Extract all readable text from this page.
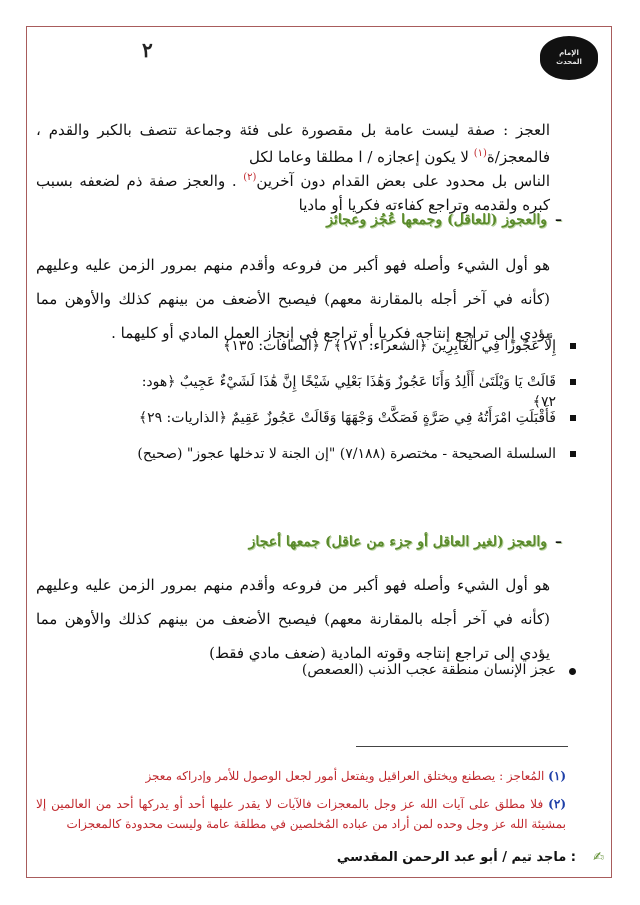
الإمام المحدث
٢
العجز : صفة ليست عامة بل مقصورة على فئة وجماعة تتصف بالكبر والقدم ، فالمعجز/ة$^{(١)}$ لا يكون إعجازه / ا مطلقا وعاما لكل
الناس بل محدود على بعض القدام دون آخرين$^{(٢)}$ . والعجز صفة ذم لضعفه بسبب كبره ولقدمه وتراجع كفاءته فكريا أو ماديا
–والعجوز (للعاقل) وجمعها عُجُز وعجائز
هو أول الشيء وأصله فهو أكبر من فروعه وأقدم منهم بمرور الزمن عليه وعليهم (كأنه في آخر أجله بالمقارنة معهم) فيصبح الأضعف من بينهم كذلك والأوهن مما يؤدي إلى تراجع إنتاجه فكريا أو تراجع في إنجاز العمل المادي أو كليهما .
إِلَّا عَجُوزًا فِي الْغَابِرِينَ ﴿الشعراء: ١٧١﴾ / ﴿الصافات: ١٣٥﴾
قَالَتْ يَا وَيْلَتَىٰ أَأَلِدُ وَأَنَا عَجُوزٌ وَهَٰذَا بَعْلِي شَيْخًا إِنَّ هَٰذَا لَشَيْءٌ عَجِيبٌ ﴿هود: ٧٢﴾
فَأَقْبَلَتِ امْرَأَتُهُ فِي صَرَّةٍ فَصَكَّتْ وَجْهَهَا وَقَالَتْ عَجُوزٌ عَقِيمٌ ﴿الذاريات: ٢٩﴾
السلسلة الصحيحة - مختصرة (٧/١٨٨) "إن الجنة لا تدخلها عجوز" (صحيح)
–والعجز (لغير العاقل أو جزء من عاقل) جمعها أعجاز
هو أول الشيء وأصله فهو أكبر من فروعه وأقدم منهم بمرور الزمن عليه وعليهم (كأنه في آخر أجله بالمقارنة معهم) فيصبح الأضعف من بينهم كذلك والأوهن مما يؤدي إلى تراجع إنتاجه وقوته المادية (ضعف مادي فقط)
عجز الإنسان منطقة عجب الذنب (العصعص)
(١) المُعاجز : يصطنع ويختلق العراقيل ويفتعل أمور لجعل الوصول للأمر وإدراكه معجز
(٢) فلا مطلق على آيات الله عز وجل بالمعجزات فالآيات لا يقدر عليها أحد أو يدركها أحد من العالمين إلا بمشيئة الله عز وجل وحده لمن أراد من عباده المُخلصين في مطلقة عامة وليست محدودة كالمعجزات
: ماجد تيم / أبو عبد الرحمن المقدسي ✍
